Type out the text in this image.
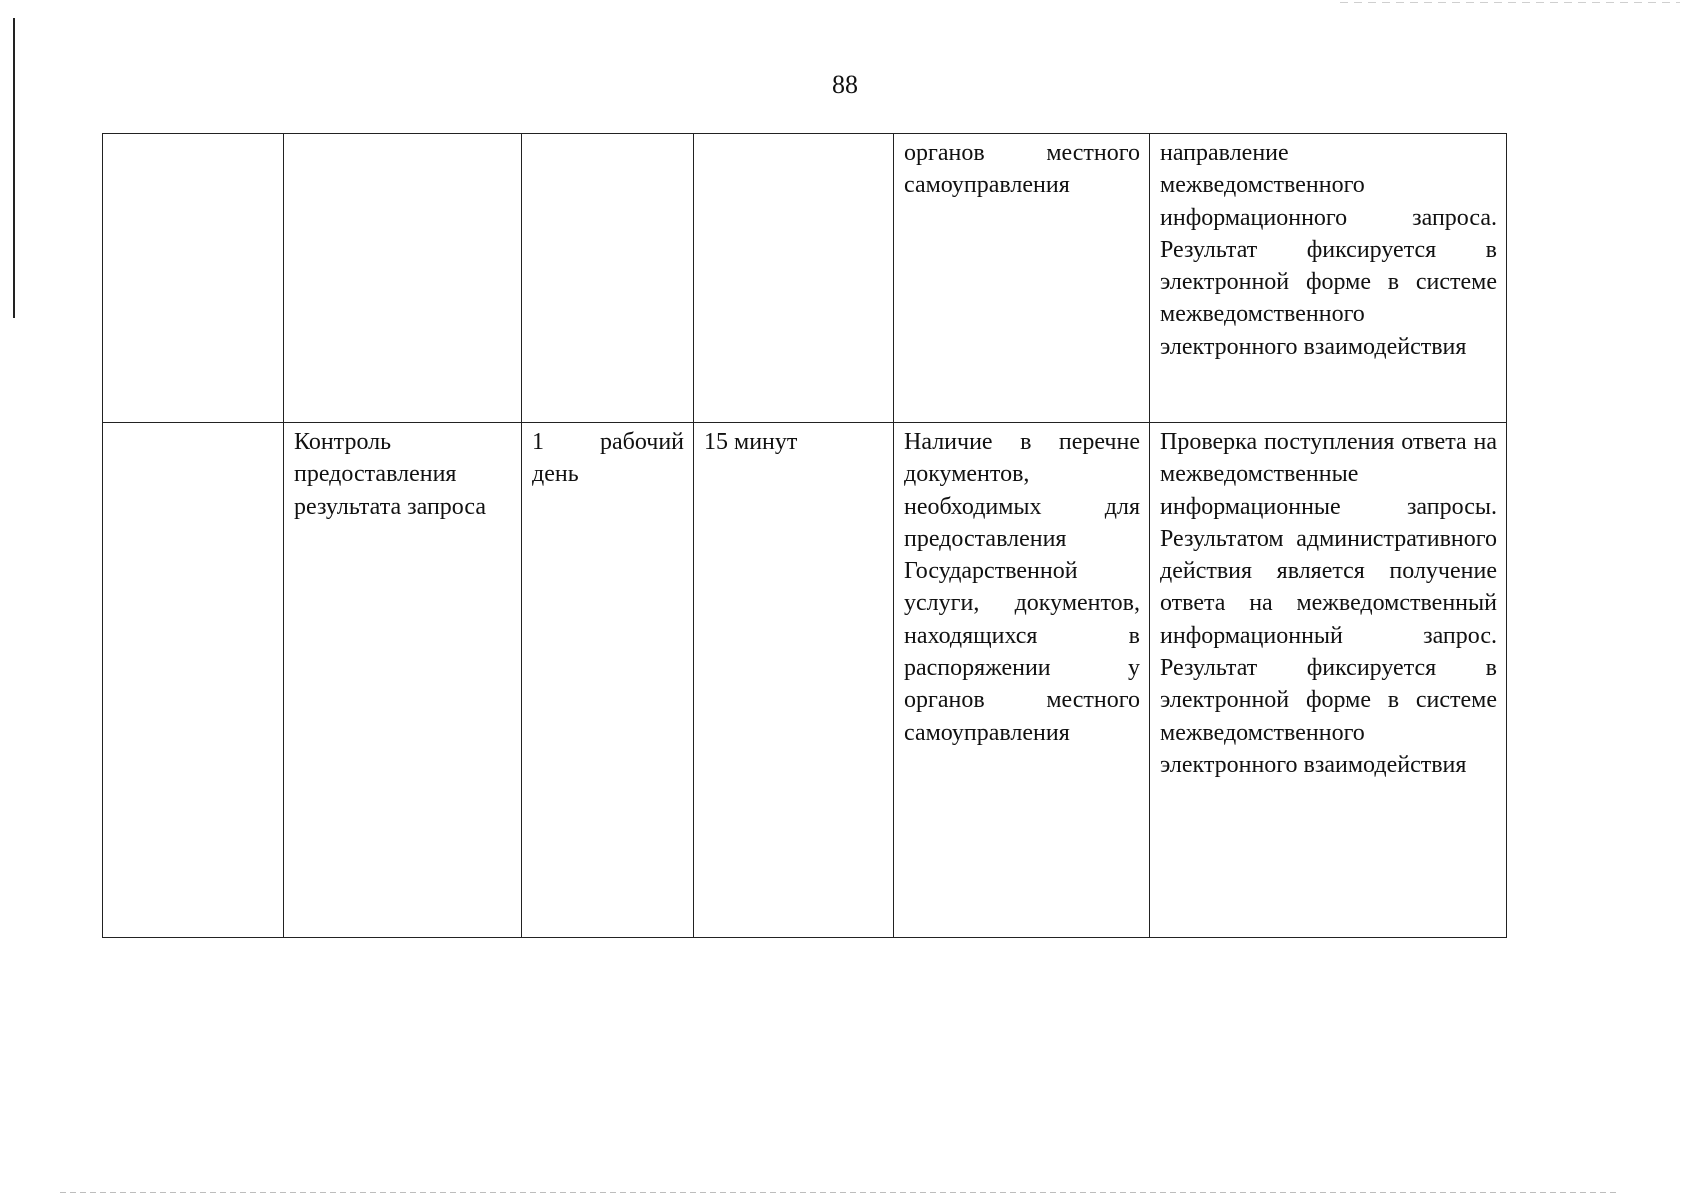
88
				органов местного самоуправления	направление межведомственного информационного запроса. Результат фиксируется в электронной форме в системе межведомственного электронного взаимодействия
	Контроль предоставления результата запроса	1 рабочий день	15 минут	Наличие в перечне документов, необходимых для предоставления Государственной услуги, документов, находящихся в распоряжении у органов местного самоуправления	Проверка поступления ответа на межведомственные информационные запросы. Результатом административного действия является получение ответа на межведомственный информационный запрос. Результат фиксируется в электронной форме в системе межведомственного электронного взаимодействия
